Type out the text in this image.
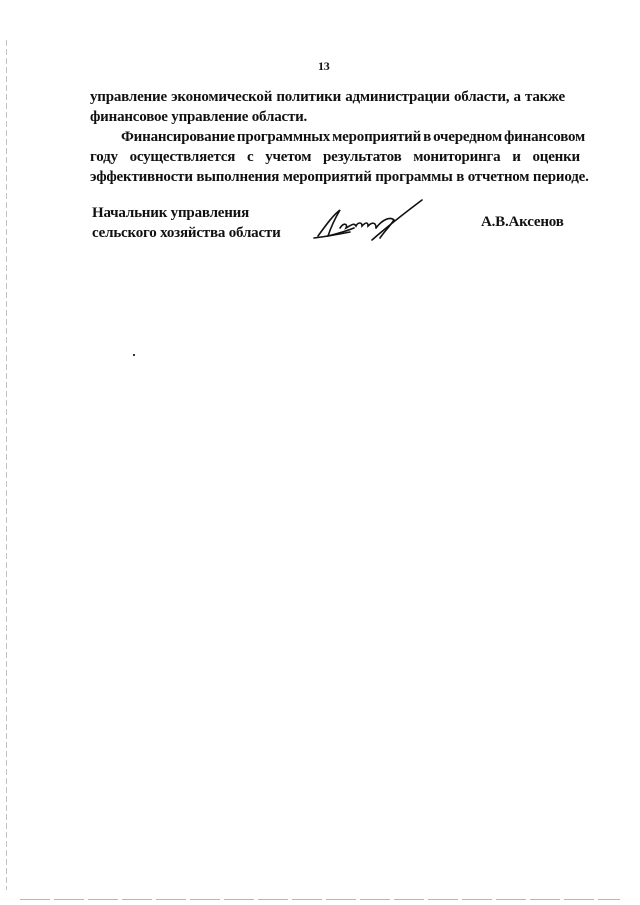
13
управление экономической политики администрации области, а также
финансовое управление области.
Финансирование программных мероприятий в очередном финансовом
году осуществляется с учетом результатов мониторинга и оценки
эффективности выполнения мероприятий программы в отчетном периоде.
Начальник управления
сельского хозяйства области
А.В.Аксенов
